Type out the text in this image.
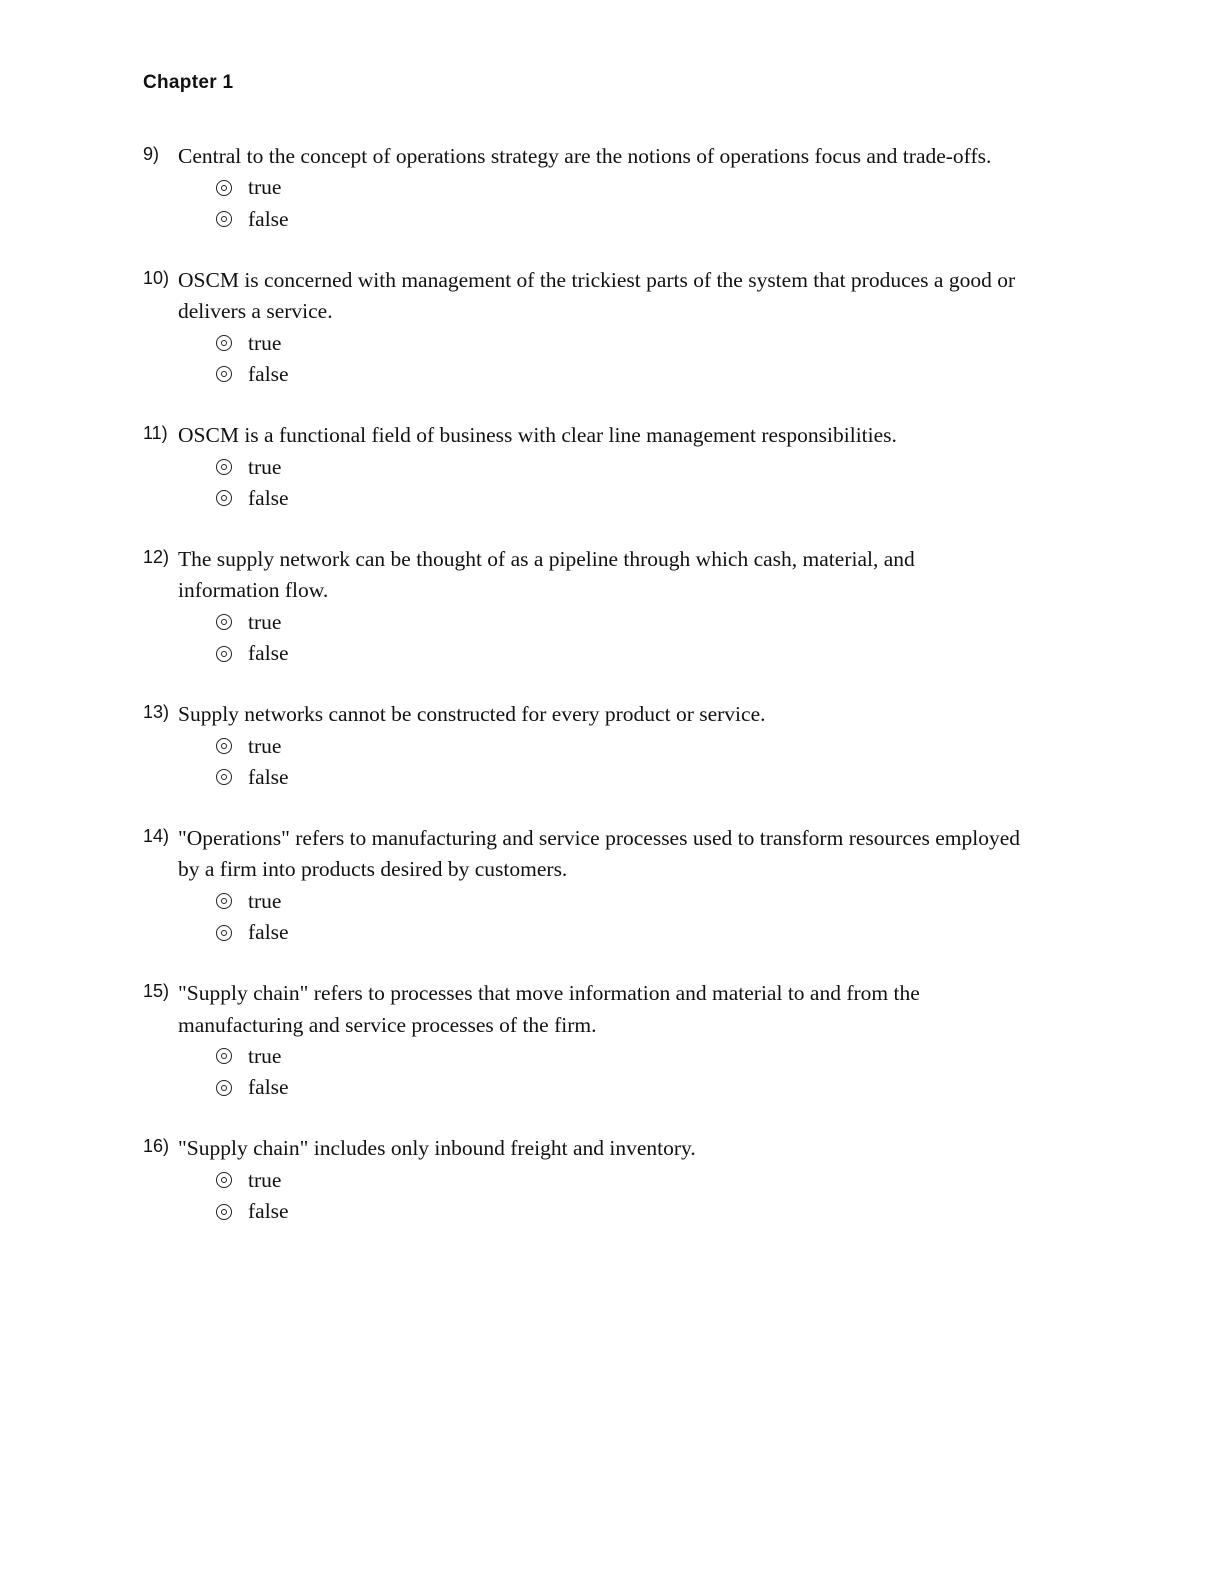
Chapter 1
9) Central to the concept of operations strategy are the notions of operations focus and trade-offs.

true
false
10) OSCM is concerned with management of the trickiest parts of the system that produces a good or delivers a service.

true
false
11) OSCM is a functional field of business with clear line management responsibilities.

true
false
12) The supply network can be thought of as a pipeline through which cash, material, and information flow.

true
false
13) Supply networks cannot be constructed for every product or service.

true
false
14) "Operations" refers to manufacturing and service processes used to transform resources employed by a firm into products desired by customers.

true
false
15) "Supply chain" refers to processes that move information and material to and from the manufacturing and service processes of the firm.

true
false
16) "Supply chain" includes only inbound freight and inventory.

true
false
